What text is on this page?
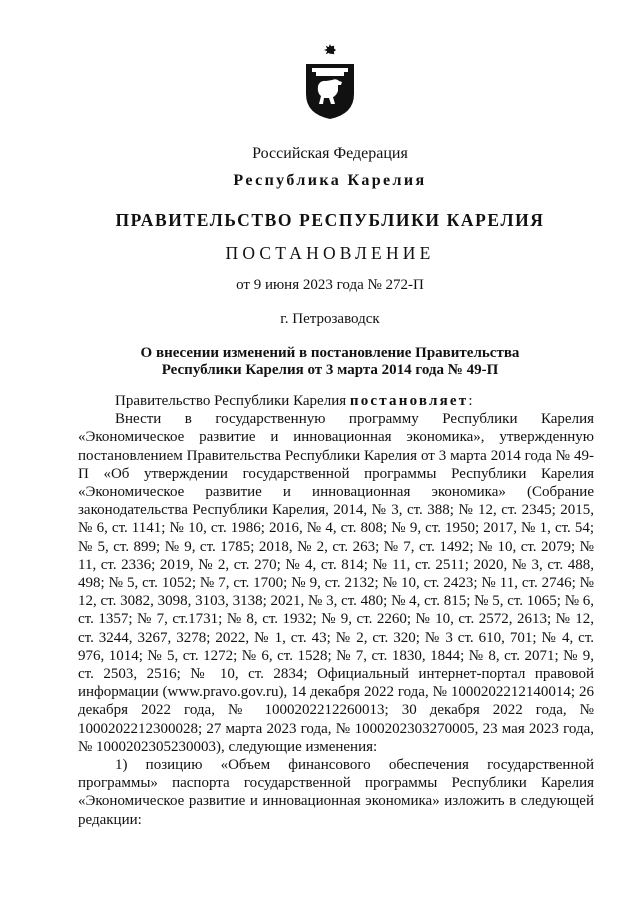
Российская Федерация
Республика Карелия
ПРАВИТЕЛЬСТВО РЕСПУБЛИКИ КАРЕЛИЯ
ПОСТАНОВЛЕНИЕ
от 9 июня 2023 года № 272-П
г. Петрозаводск
О внесении изменений в постановление Правительства
Республики Карелия от 3 марта 2014 года № 49-П

Правительство Республики Карелия постановляет:

Внести в государственную программу Республики Карелия «Экономическое развитие и инновационная экономика», утвержденную постановлением Правительства Республики Карелия от 3 марта 2014 года № 49-П «Об утверждении государственной программы Республики Карелия «Экономическое развитие и инновационная экономика» (Собрание законодательства Республики Карелия, 2014, № 3, ст. 388; № 12, ст. 2345; 2015, № 6, ст. 1141; № 10, ст. 1986; 2016, № 4, ст. 808; № 9, ст. 1950; 2017, № 1, ст. 54; № 5, ст. 899; № 9, ст. 1785; 2018, № 2, ст. 263; № 7, ст. 1492; № 10, ст. 2079; № 11, ст. 2336; 2019, № 2, ст. 270; № 4, ст. 814; № 11, ст. 2511; 2020, № 3, ст. 488, 498; № 5, ст. 1052; № 7, ст. 1700; № 9, ст. 2132; № 10, ст. 2423; № 11, ст. 2746; № 12, ст. 3082, 3098, 3103, 3138; 2021, № 3, ст. 480; № 4, ст. 815; № 5, ст. 1065; № 6, ст. 1357; № 7, ст.1731; № 8, ст. 1932; № 9, ст. 2260; № 10, ст. 2572, 2613; № 12, ст. 3244, 3267, 3278; 2022, № 1, ст. 43; № 2, ст. 320; № 3 ст. 610, 701; № 4, ст. 976, 1014; № 5, ст. 1272; № 6, ст. 1528; № 7, ст. 1830, 1844; № 8, ст. 2071; № 9, ст. 2503, 2516; № 10, ст. 2834; Официальный интернет-портал правовой информации (www.pravo.gov.ru), 14 декабря 2022 года, № 1000202212140014; 26 декабря 2022 года, № 1000202212260013; 30 декабря 2022 года, № 1000202212300028; 27 марта 2023 года, № 1000202303270005, 23 мая 2023 года, № 1000202305230003), следующие изменения:

1) позицию «Объем финансового обеспечения государственной программы» паспорта государственной программы Республики Карелия «Экономическое развитие и инновационная экономика» изложить в следующей редакции:
